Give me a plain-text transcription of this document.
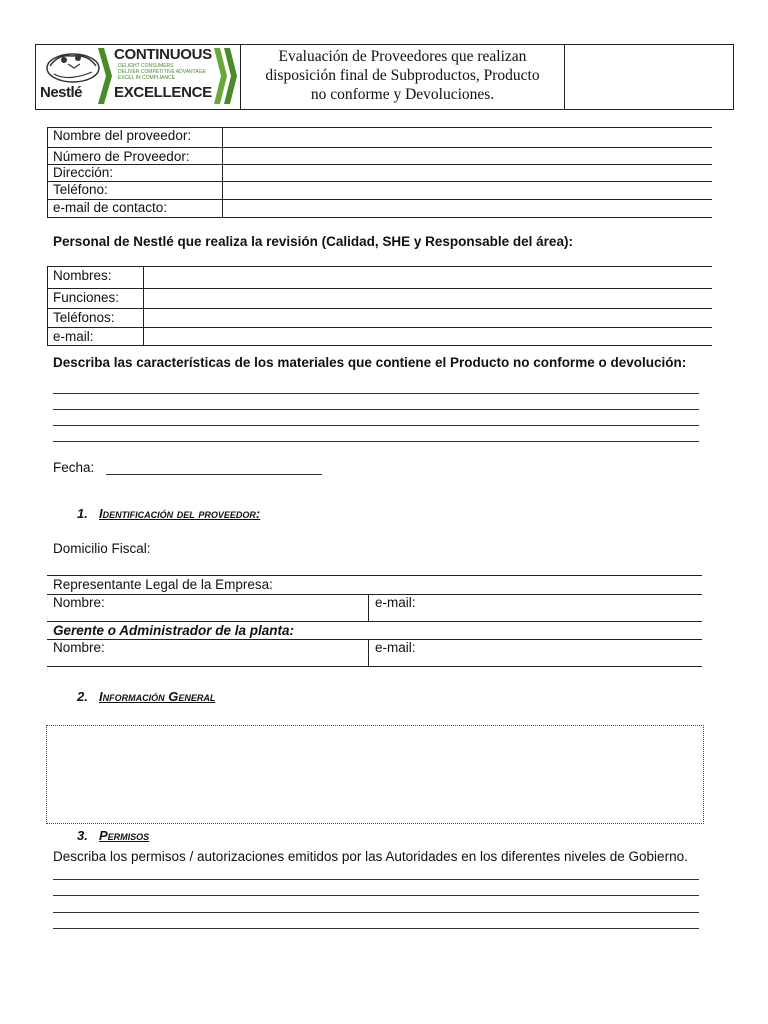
Nestlé
CONTINUOUS
DELIGHT CONSUMERS
DELIVER COMPETITIVE ADVANTAGE
EXCEL IN COMPLIANCE
EXCELLENCE
Evaluación de Proveedores que realizan
disposición final de Subproductos, Producto
no conforme y Devoluciones.
Nombre del proveedor:
Número de Proveedor:
Dirección:
Teléfono:
e-mail de contacto:
Personal de Nestlé que realiza la revisión (Calidad, SHE y Responsable del área):
Nombres:
Funciones:
Teléfonos:
e-mail:
Describa las características de los materiales que contiene el Producto no conforme o devolución:
Fecha:
1. Identificación del proveedor:
Domicilio Fiscal:
Representante Legal de la Empresa:
Nombre:	e-mail:
Gerente o Administrador de la planta:
Nombre:	e-mail:
2. Información General
3. Permisos
Describa los permisos / autorizaciones emitidos por las Autoridades en los diferentes niveles de Gobierno.
